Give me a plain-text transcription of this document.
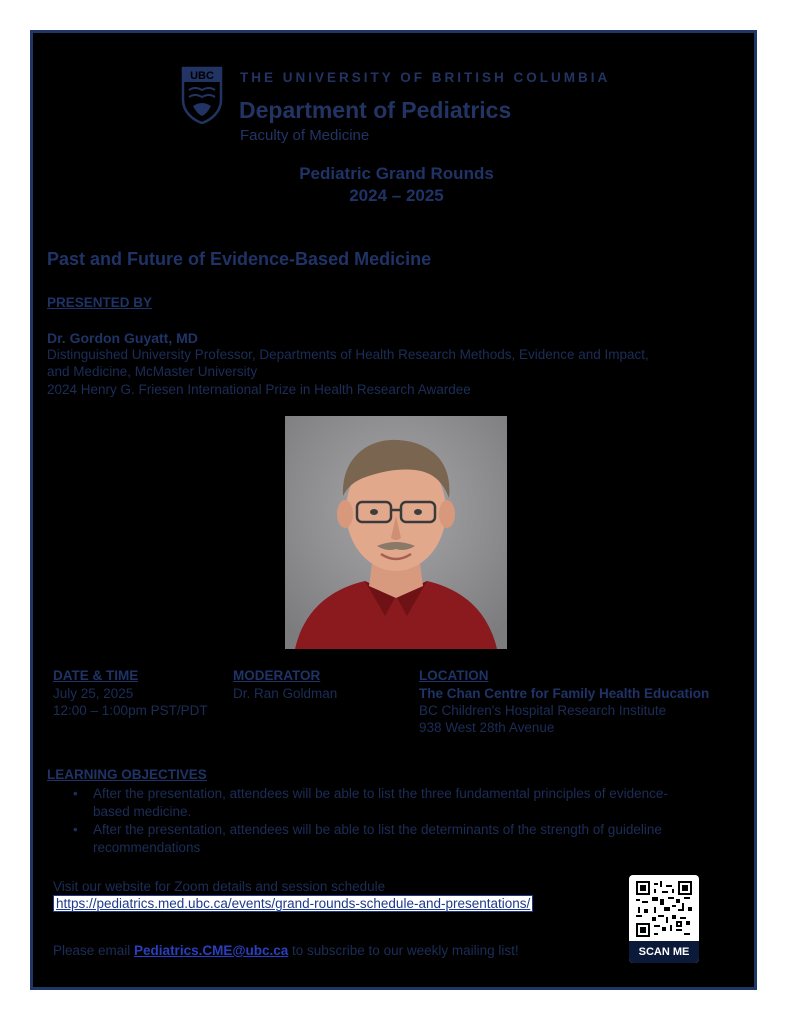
UBC THE UNIVERSITY OF BRITISH COLUMBIA
Department of Pediatrics
Faculty of Medicine
Pediatric Grand Rounds
2024 – 2025
Past and Future of Evidence-Based Medicine
PRESENTED BY
Dr. Gordon Guyatt, MD
Distinguished University Professor, Departments of Health Research Methods, Evidence and Impact,
and Medicine, McMaster University
2024 Henry G. Friesen International Prize in Health Research Awardee
DATE & TIME
July 25, 2025
12:00 – 1:00pm PST/PDT
MODERATOR
Dr. Ran Goldman
LOCATION
The Chan Centre for Family Health Education
BC Children's Hospital Research Institute
938 West 28th Avenue
LEARNING OBJECTIVES
• After the presentation, attendees will be able to list the three fundamental principles of evidence-based medicine.
• After the presentation, attendees will be able to list the determinants of the strength of guideline recommendations
Visit our website for Zoom details and session schedule
https://pediatrics.med.ubc.ca/events/grand-rounds-schedule-and-presentations/
Please email Pediatrics.CME@ubc.ca to subscribe to our weekly mailing list!	SCAN ME
